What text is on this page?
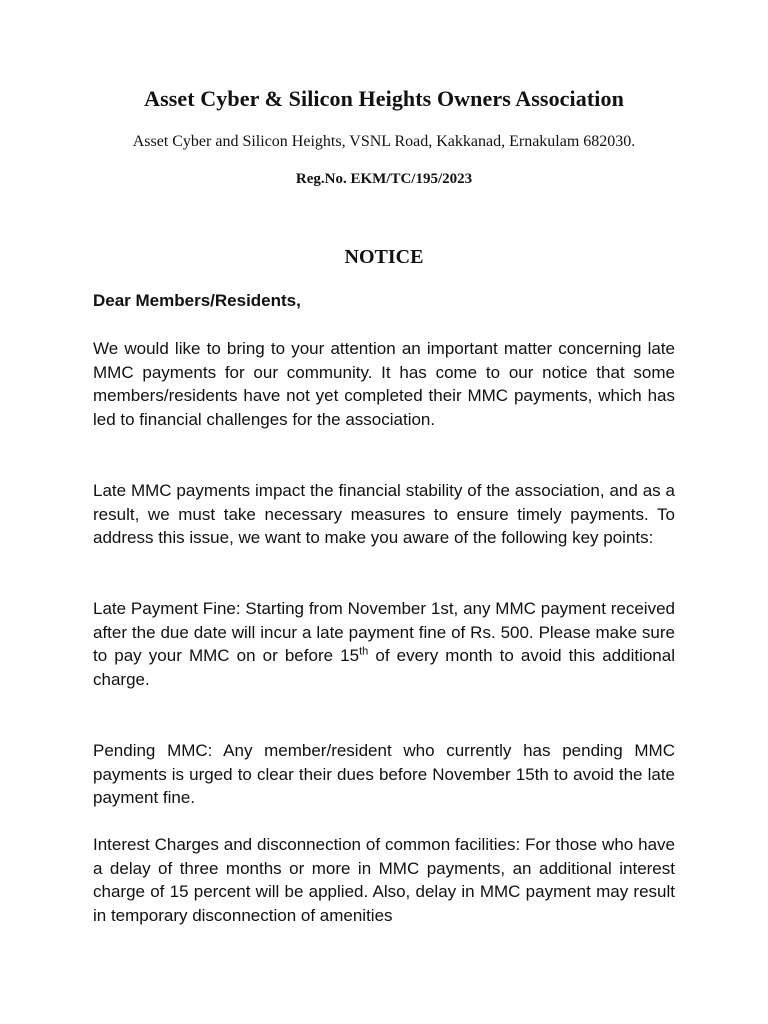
Asset Cyber & Silicon Heights Owners Association
Asset Cyber and Silicon Heights, VSNL Road, Kakkanad, Ernakulam 682030.
Reg.No. EKM/TC/195/2023
NOTICE
Dear Members/Residents,
We would like to bring to your attention an important matter concerning late MMC payments for our community. It has come to our notice that some members/residents have not yet completed their MMC payments, which has led to financial challenges for the association.
Late MMC payments impact the financial stability of the association, and as a result, we must take necessary measures to ensure timely payments. To address this issue, we want to make you aware of the following key points:
Late Payment Fine: Starting from November 1st, any MMC payment received after the due date will incur a late payment fine of Rs. 500. Please make sure to pay your MMC on or before 15th of every month to avoid this additional charge.
Pending MMC: Any member/resident who currently has pending MMC payments is urged to clear their dues before November 15th to avoid the late payment fine.
Interest Charges and disconnection of common facilities: For those who have a delay of three months or more in MMC payments, an additional interest charge of 15 percent will be applied. Also, delay in MMC payment may result in temporary disconnection of amenities
